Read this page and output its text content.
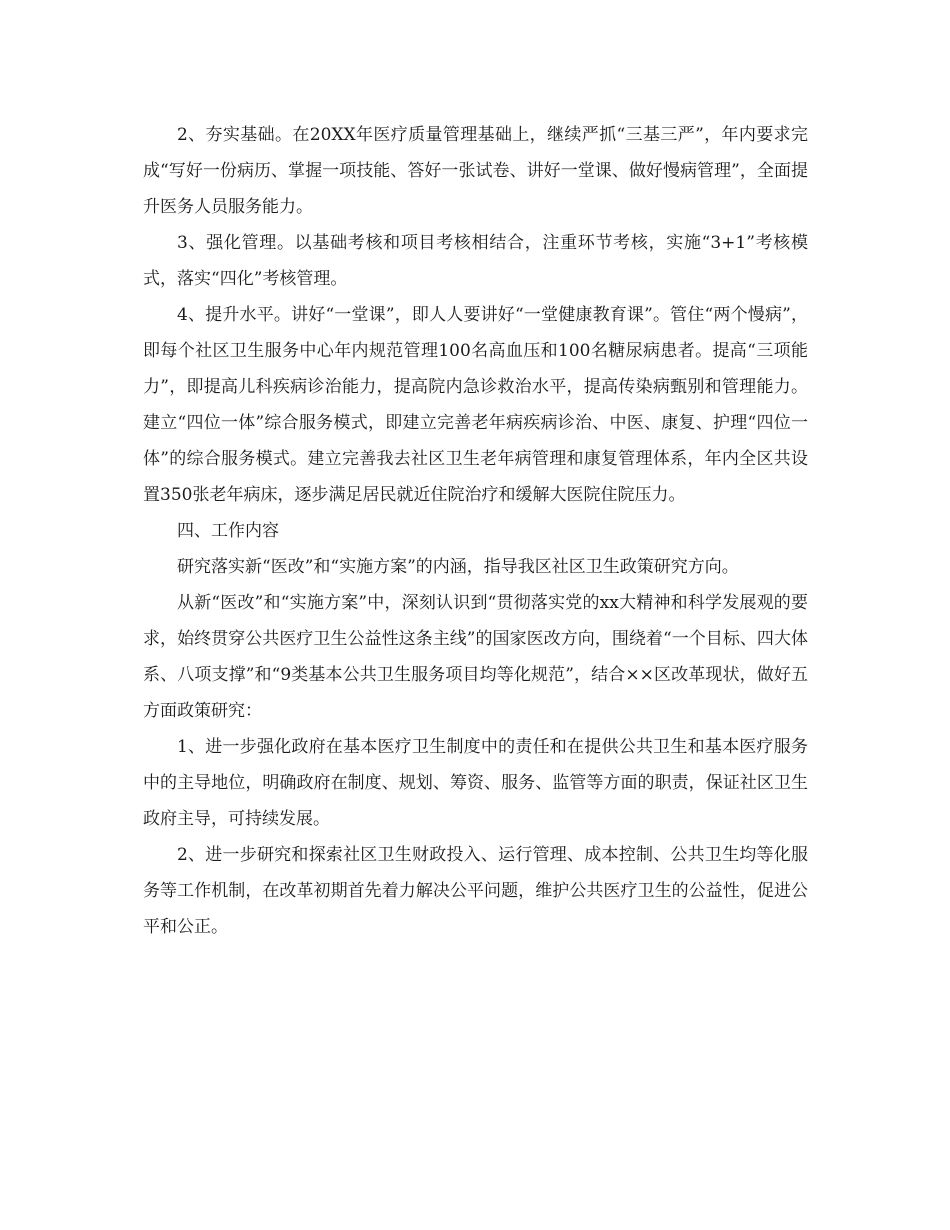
2、夯实基础。在20XX年医疗质量管理基础上，继续严抓“三基三严”，年内要求完成“写好一份病历、掌握一项技能、答好一张试卷、讲好一堂课、做好慢病管理”，全面提升医务人员服务能力。

3、强化管理。以基础考核和项目考核相结合，注重环节考核，实施“3+1”考核模式，落实“四化”考核管理。

4、提升水平。讲好“一堂课”，即人人要讲好“一堂健康教育课”。管住“两个慢病”，即每个社区卫生服务中心年内规范管理100名高血压和100名糖尿病患者。提高“三项能力”，即提高儿科疾病诊治能力，提高院内急诊救治水平，提高传染病甄别和管理能力。建立“四位一体”综合服务模式，即建立完善老年病疾病诊治、中医、康复、护理“四位一体”的综合服务模式。建立完善我去社区卫生老年病管理和康复管理体系，年内全区共设置350张老年病床，逐步满足居民就近住院治疗和缓解大医院住院压力。

四、工作内容

研究落实新“医改”和“实施方案”的内涵，指导我区社区卫生政策研究方向。

从新“医改”和“实施方案”中，深刻认识到“贯彻落实党的xx大精神和科学发展观的要求，始终贯穿公共医疗卫生公益性这条主线”的国家医改方向，围绕着“一个目标、四大体系、八项支撑”和“9类基本公共卫生服务项目均等化规范”，结合××区改革现状，做好五方面政策研究：

1、进一步强化政府在基本医疗卫生制度中的责任和在提供公共卫生和基本医疗服务中的主导地位，明确政府在制度、规划、筹资、服务、监管等方面的职责，保证社区卫生政府主导，可持续发展。

2、进一步研究和探索社区卫生财政投入、运行管理、成本控制、公共卫生均等化服务等工作机制，在改革初期首先着力解决公平问题，维护公共医疗卫生的公益性，促进公平和公正。
